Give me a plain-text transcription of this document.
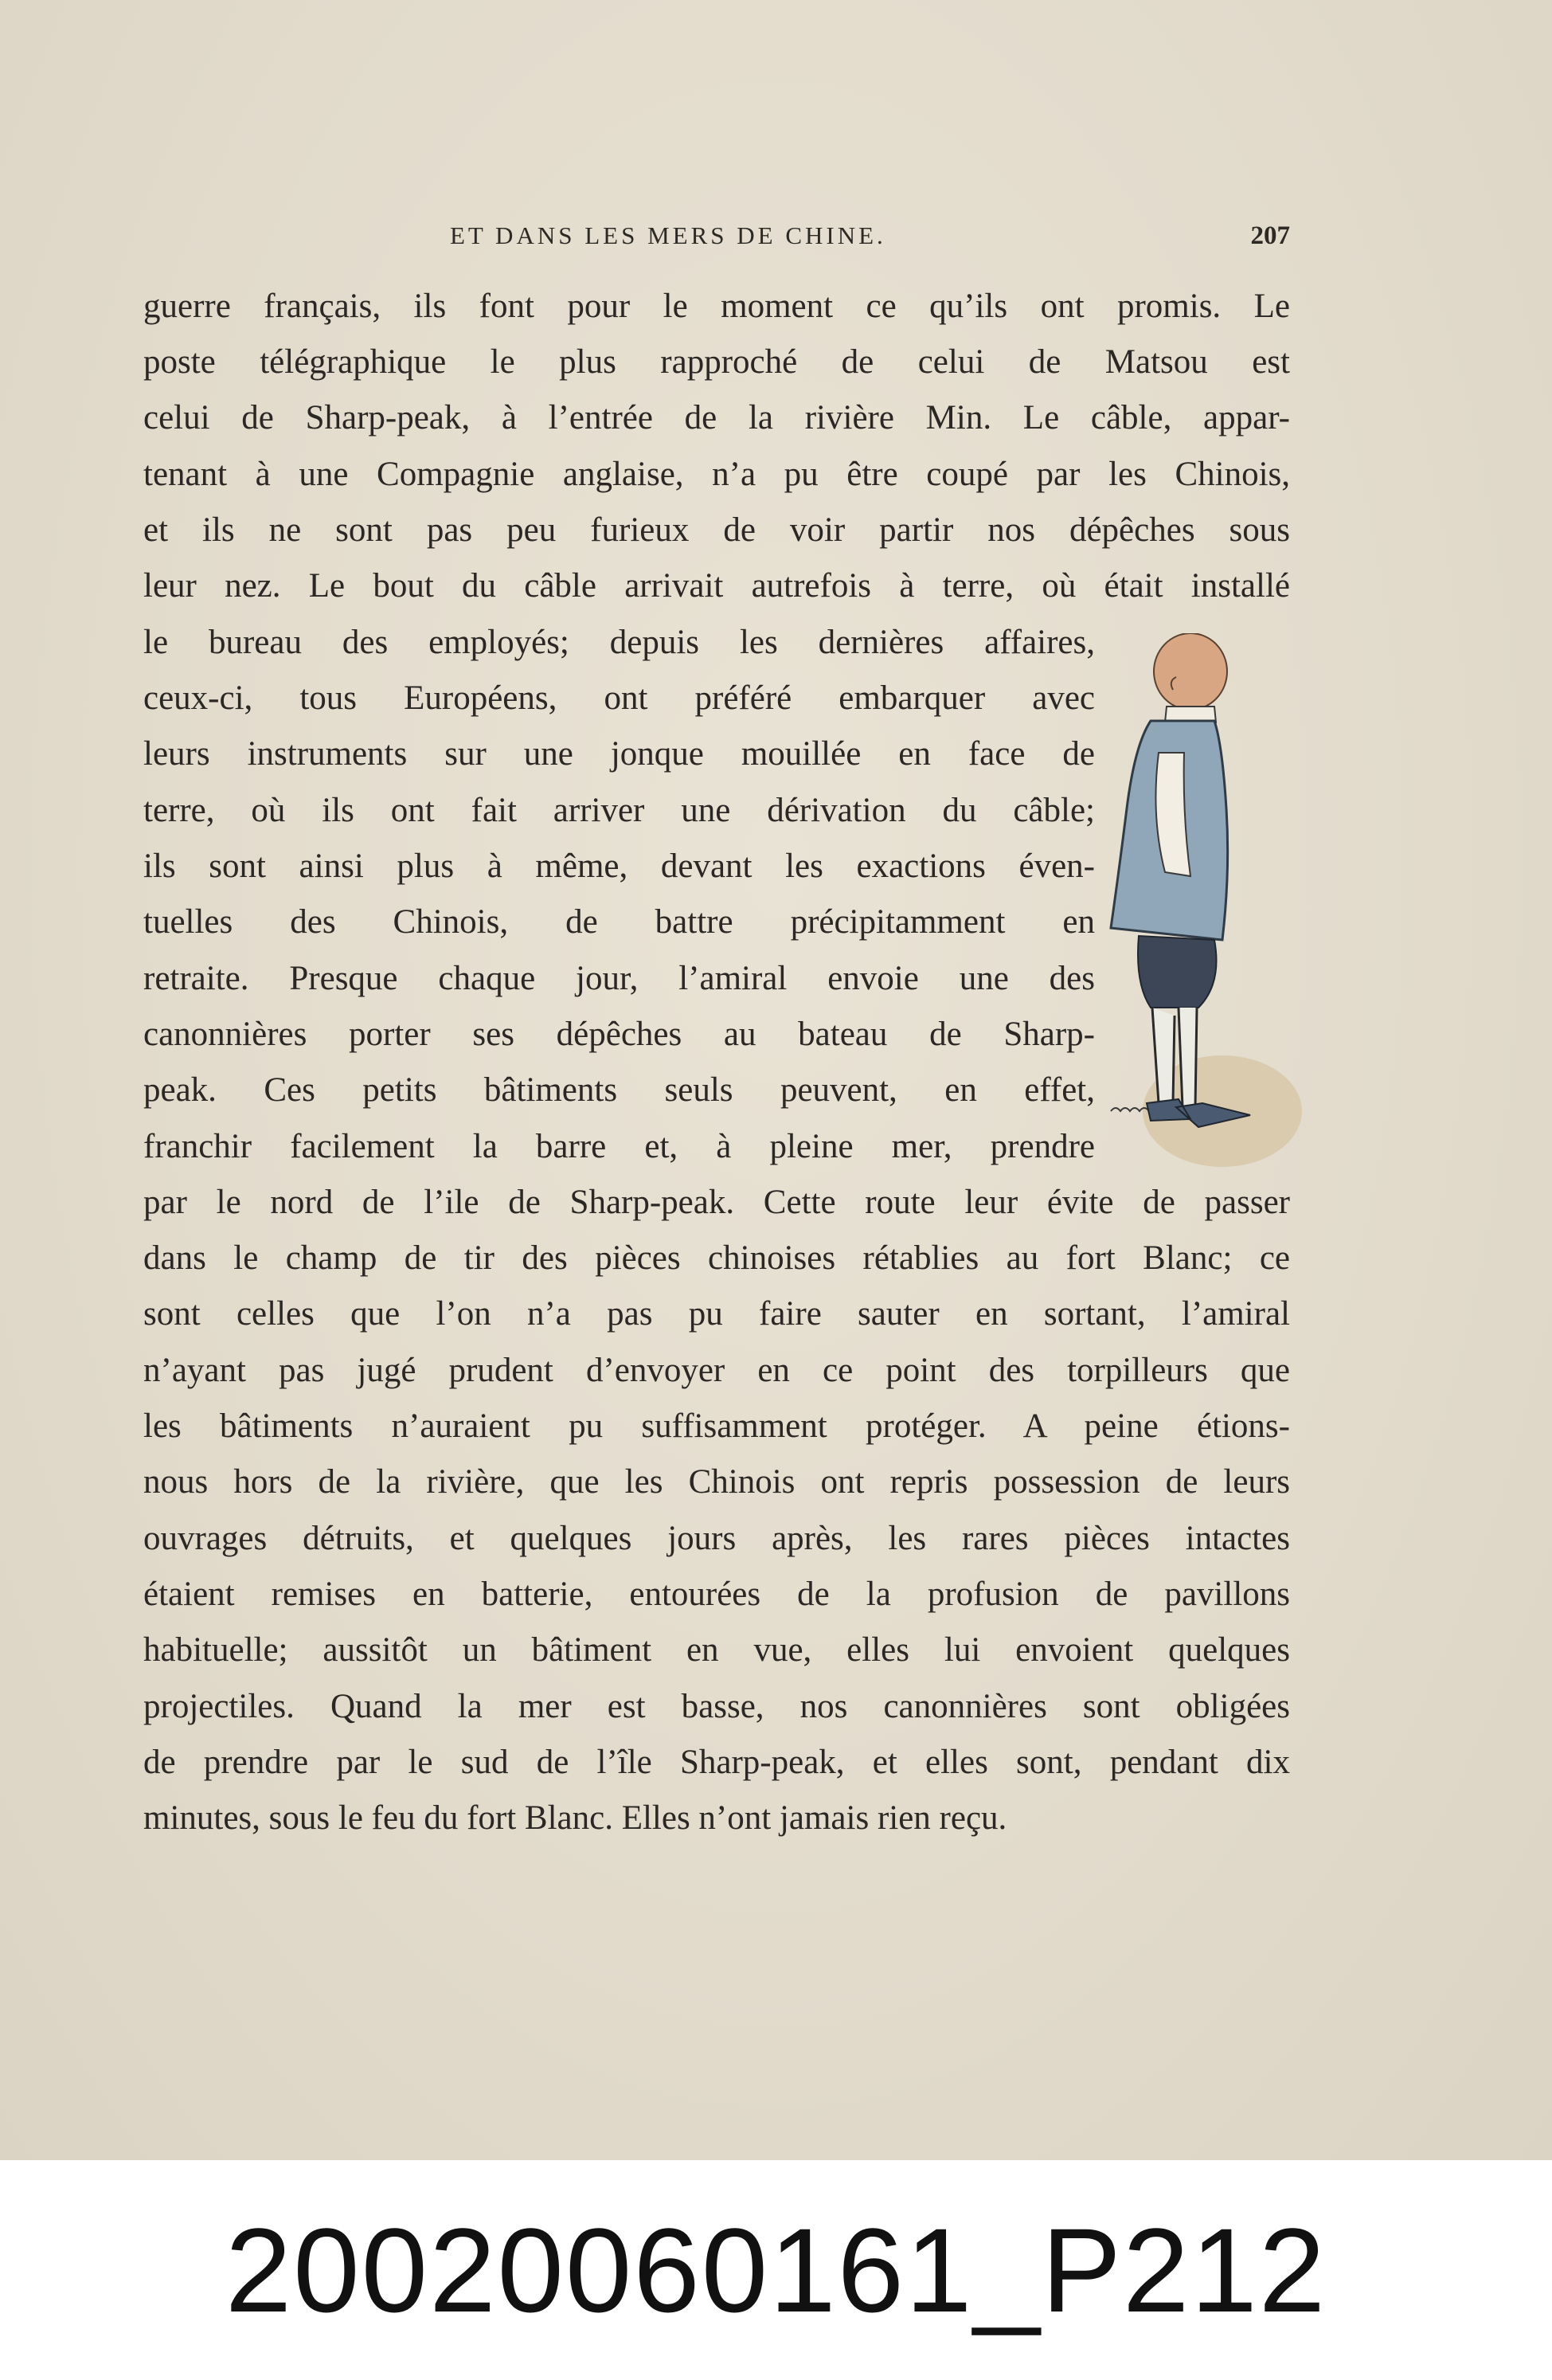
ET DANS LES MERS DE CHINE.	207
guerre français, ils font pour le moment ce qu’ils ont promis. Le
poste télégraphique le plus rapproché de celui de Matsou est
celui de Sharp-peak, à l’entrée de la rivière Min. Le câble, appar-
tenant à une Compagnie anglaise, n’a pu être coupé par les Chinois,
et ils ne sont pas peu furieux de voir partir nos dépêches sous
leur nez. Le bout du câble arrivait autrefois à terre, où était installé
le bureau des employés; depuis les dernières affaires,
ceux-ci, tous Européens, ont préféré embarquer avec
leurs instruments sur une jonque mouillée en face de
terre, où ils ont fait arriver une dérivation du câble;
ils sont ainsi plus à même, devant les exactions éven-
tuelles des Chinois, de battre précipitamment en
retraite. Presque chaque jour, l’amiral envoie une des
canonnières porter ses dépêches au bateau de Sharp-
peak. Ces petits bâtiments seuls peuvent, en effet,
franchir facilement la barre et, à pleine mer, prendre
par le nord de l’ile de Sharp-peak. Cette route leur évite de passer
dans le champ de tir des pièces chinoises rétablies au fort Blanc; ce
sont celles que l’on n’a pas pu faire sauter en sortant, l’amiral
n’ayant pas jugé prudent d’envoyer en ce point des torpilleurs que
les bâtiments n’auraient pu suffisamment protéger. A peine étions-
nous hors de la rivière, que les Chinois ont repris possession de leurs
ouvrages détruits, et quelques jours après, les rares pièces intactes
étaient remises en batterie, entourées de la profusion de pavillons
habituelle; aussitôt un bâtiment en vue, elles lui envoient quelques
projectiles. Quand la mer est basse, nos canonnières sont obligées
de prendre par le sud de l’île Sharp-peak, et elles sont, pendant dix
minutes, sous le feu du fort Blanc. Elles n’ont jamais rien reçu.
20020060161_P212
